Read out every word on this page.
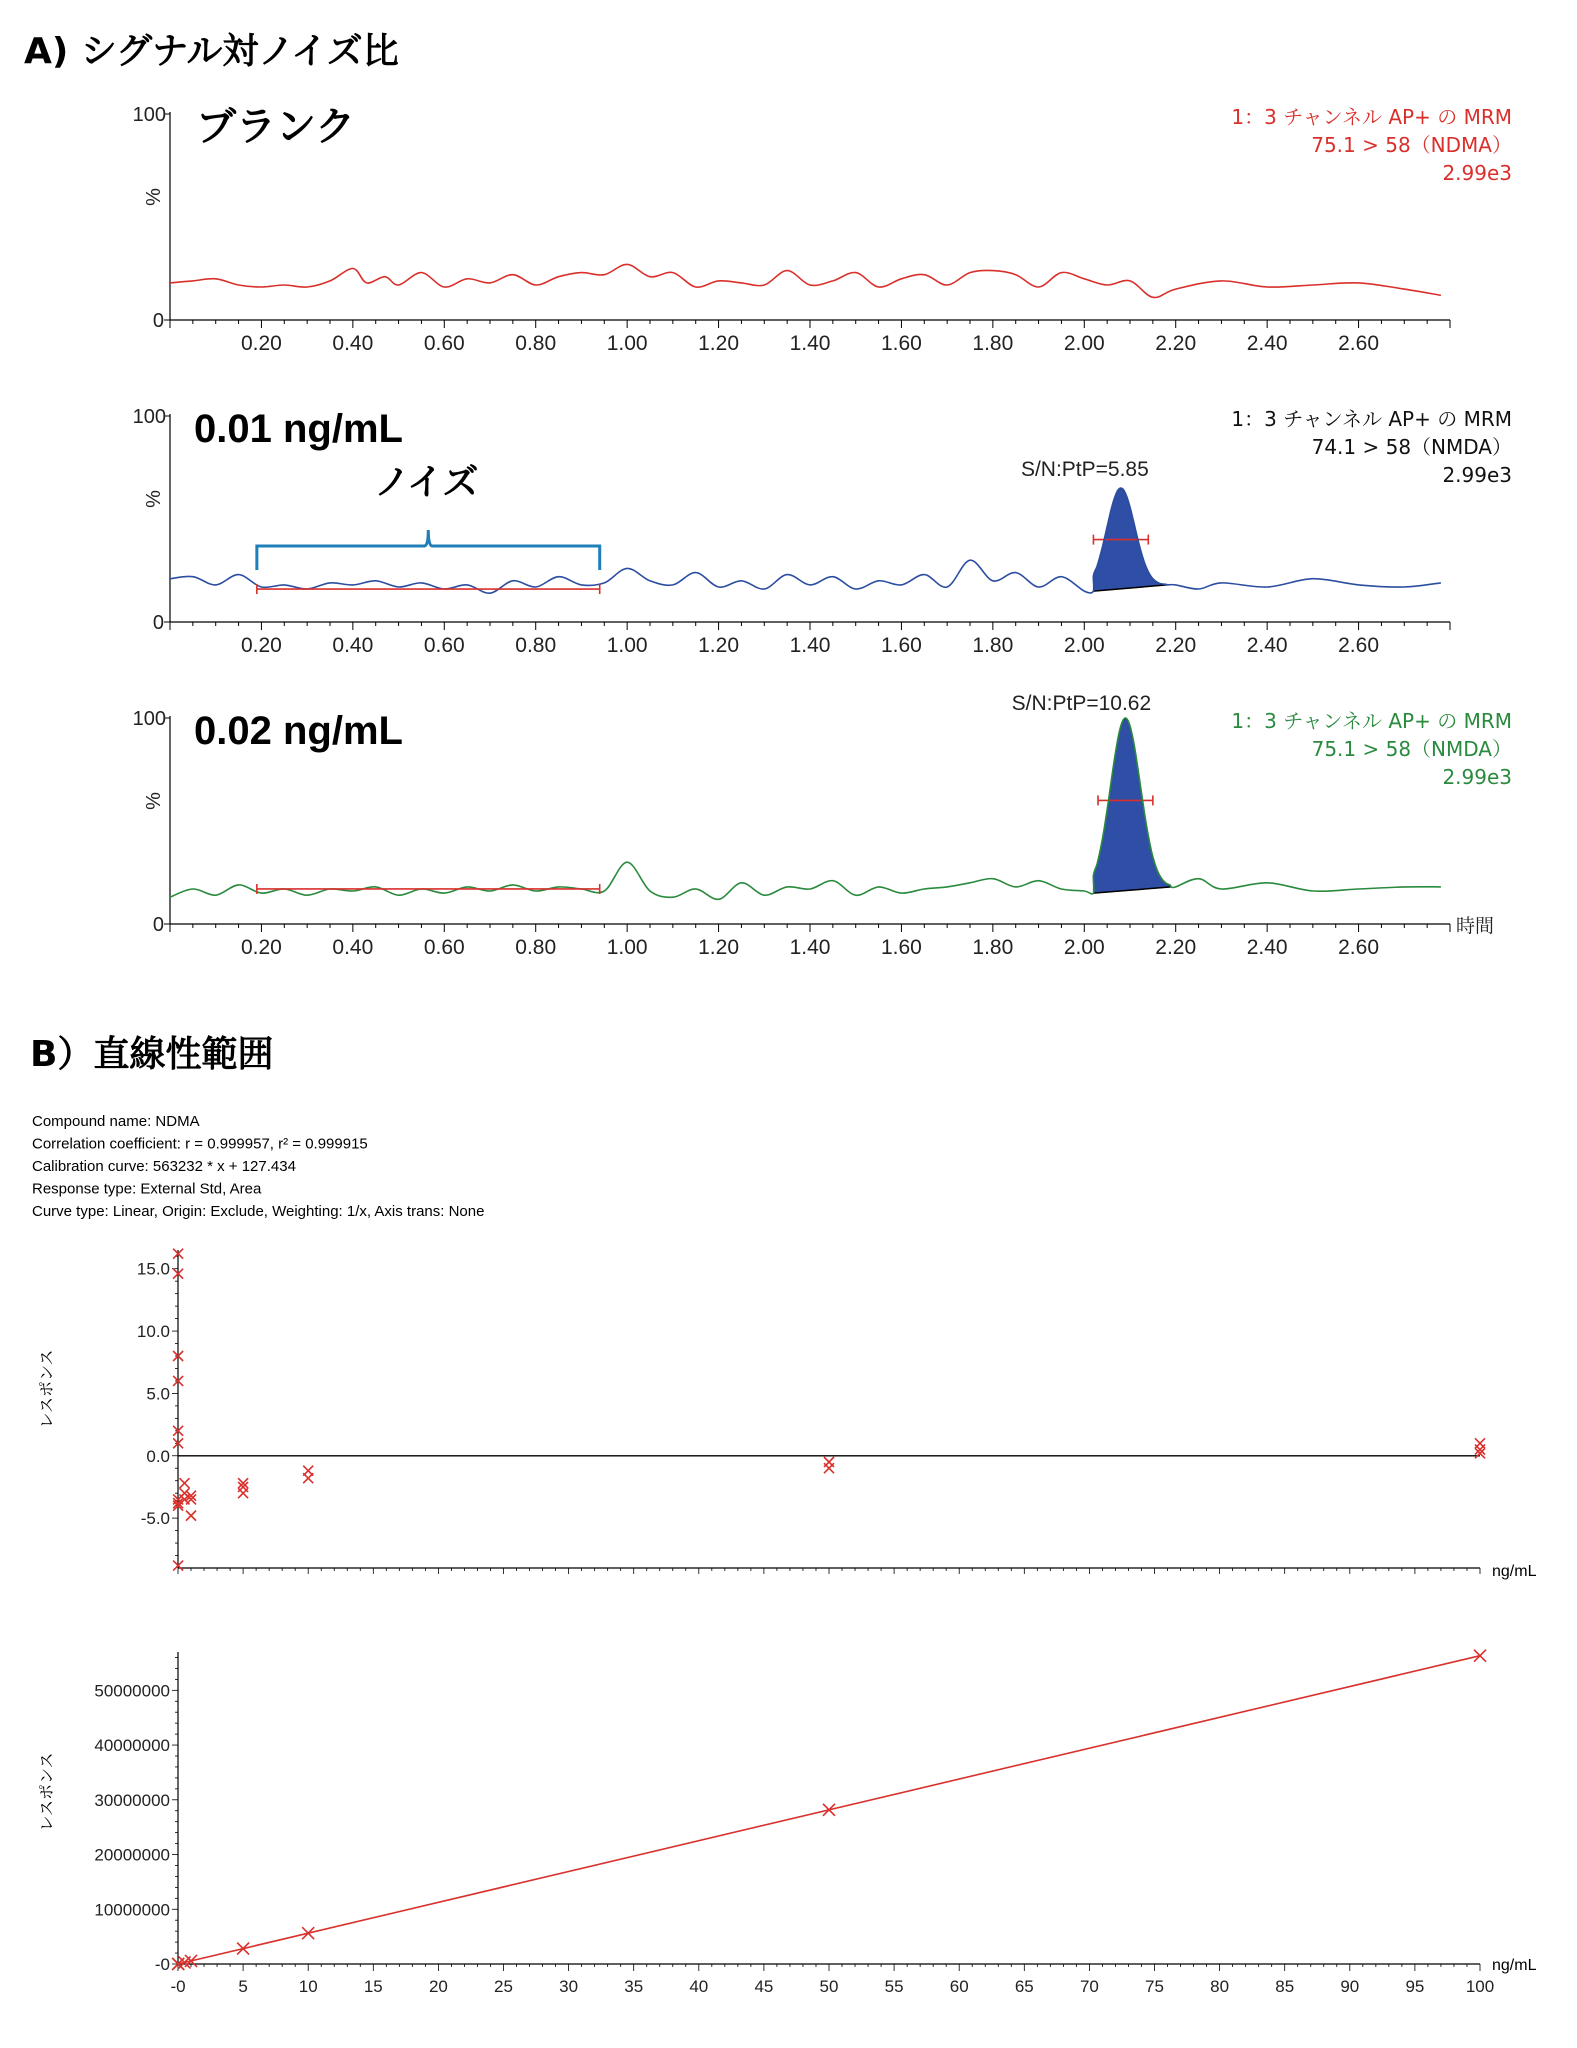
A) シグナル対ノイズ比
B）直線性範囲
100
0
%
0.20 0.40 0.60 0.80 1.00 1.20 1.40 1.60 1.80 2.00 2.20 2.40 2.60
ブランク	1：3 チャンネル AP+ の MRM
75.1 > 58（NDMA）
2.99e3
100
0
%
0.20 0.40 0.60 0.80 1.00 1.20 1.40 1.60 1.80 2.00 2.20 2.40 2.60
0.01 ng/mL	1：3 チャンネル AP+ の MRM
74.1 > 58（NMDA）
2.99e3
S/N:PtP=5.85
ノイズ
100
0
%
0.20 0.40 0.60 0.80 1.00 1.20 1.40 1.60 1.80 2.00 2.20 2.40 2.60
時間
0.02 ng/mL	1：3 チャンネル AP+ の MRM
75.1 > 58（NMDA）
2.99e3
S/N:PtP=10.62
Compound name: NDMA
Correlation coefficient: r = 0.999957, r² = 0.999915
Calibration curve: 563232 * x + 127.434
Response type: External Std, Area
Curve type: Linear, Origin: Exclude, Weighting: 1/x, Axis trans: None
15.0
10.0
5.0
0.0
-5.0
レスポンス
ng/mL
-0	5	10	15	20	25	30	35	40	45	50	55	60	65	70	75	80	85	90	95 100
50000000
40000000
30000000
20000000
10000000
-0
レスポンス
ng/mL
